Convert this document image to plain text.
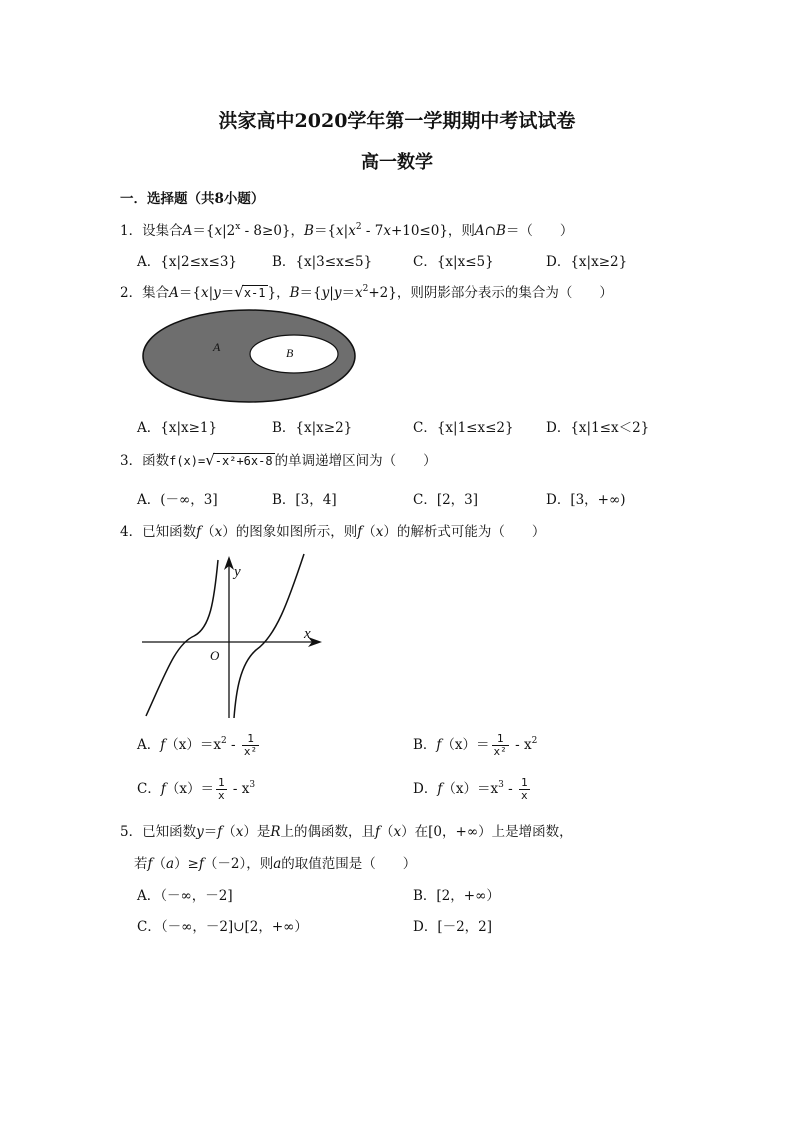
洪家高中2020学年第一学期期中考试试卷
高一数学
一．选择题（共8小题）
1．设集合$A=\{x|2^x - 8\ge 0\}$，$B=\{x|x^2 - 7x+10\le 0\}$，则A∩B＝（　　）
A．{x|2≤x≤3}	B．{x|3≤x≤5}	C．{x|x≤5}	D．{x|x≥2}
2．集合A＝{x|y＝√x-1 }，$B=\{y|y=x^2+2\}$，则阴影部分表示的集合为（　　）
A	B
A．{x|x≥1}	B．{x|x≥2}	C．{x|1≤x≤2} D．{x|1≤x＜2}
3．函数f(x)=√-x²+6x-8 的单调递增区间为（　　）
A．(－∞，3]	B．[3，4]	C．[2，3]	D．[3，+∞)
4．已知函数f（x）的图象如图所示，则f（x）的解析式可能为（　　）
y
x
O
A．$f(x)=x^2 - \frac{1}{\text{x²}}$	B．$f(x)= \frac{1}{\text{x²}} - x^2$
C．$f(x)= \frac{1}{x} - x^3$	D．$f(x)=x^3 - \frac{1}{x}$
5．已知函数y＝f（x）是R上的偶函数，且f（x）在[0，+∞）上是增函数，
若f（a）≥f（－2），则a的取值范围是（　　）
A．（－∞，－2]	B．[2，+∞）
C．（－∞，－2]∪[2，+∞）	D．[－2，2]
